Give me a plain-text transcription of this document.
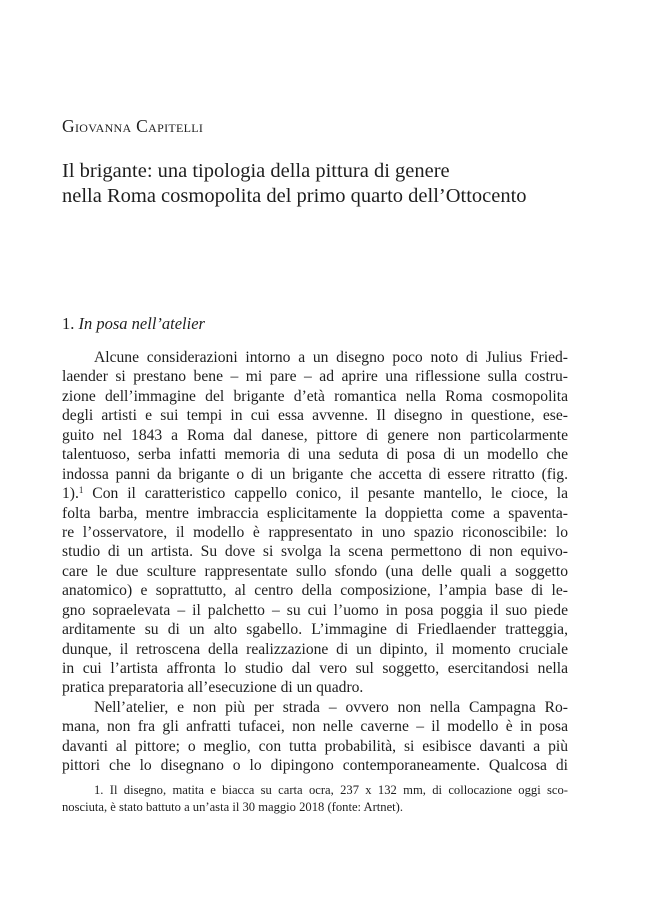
Giovanna Capitelli
Il brigante: una tipologia della pittura di genere
nella Roma cosmopolita del primo quarto dell’Ottocento
1. In posa nell’atelier
Alcune considerazioni intorno a un disegno poco noto di Julius Fried-
laender si prestano bene – mi pare – ad aprire una riflessione sulla costru-
zione dell’immagine del brigante d’età romantica nella Roma cosmopolita
degli artisti e sui tempi in cui essa avvenne. Il disegno in questione, ese-
guito nel 1843 a Roma dal danese, pittore di genere non particolarmente
talentuoso, serba infatti memoria di una seduta di posa di un modello che
indossa panni da brigante o di un brigante che accetta di essere ritratto (fig.
1).$^1$ Con il caratteristico cappello conico, il pesante mantello, le cioce, la
folta barba, mentre imbraccia esplicitamente la doppietta come a spaventa-
re l’osservatore, il modello è rappresentato in uno spazio riconoscibile: lo
studio di un artista. Su dove si svolga la scena permettono di non equivo-
care le due sculture rappresentate sullo sfondo (una delle quali a soggetto
anatomico) e soprattutto, al centro della composizione, l’ampia base di le-
gno sopraelevata – il palchetto – su cui l’uomo in posa poggia il suo piede
arditamente su di un alto sgabello. L’immagine di Friedlaender tratteggia,
dunque, il retroscena della realizzazione di un dipinto, il momento cruciale
in cui l’artista affronta lo studio dal vero sul soggetto, esercitandosi nella
pratica preparatoria all’esecuzione di un quadro.
Nell’atelier, e non più per strada – ovvero non nella Campagna Ro-
mana, non fra gli anfratti tufacei, non nelle caverne – il modello è in posa
davanti al pittore; o meglio, con tutta probabilità, si esibisce davanti a più
pittori che lo disegnano o lo dipingono contemporaneamente. Qualcosa di
1. Il disegno, matita e biacca su carta ocra, 237 x 132 mm, di collocazione oggi sco-
nosciuta, è stato battuto a un’asta il 30 maggio 2018 (fonte: Artnet).
